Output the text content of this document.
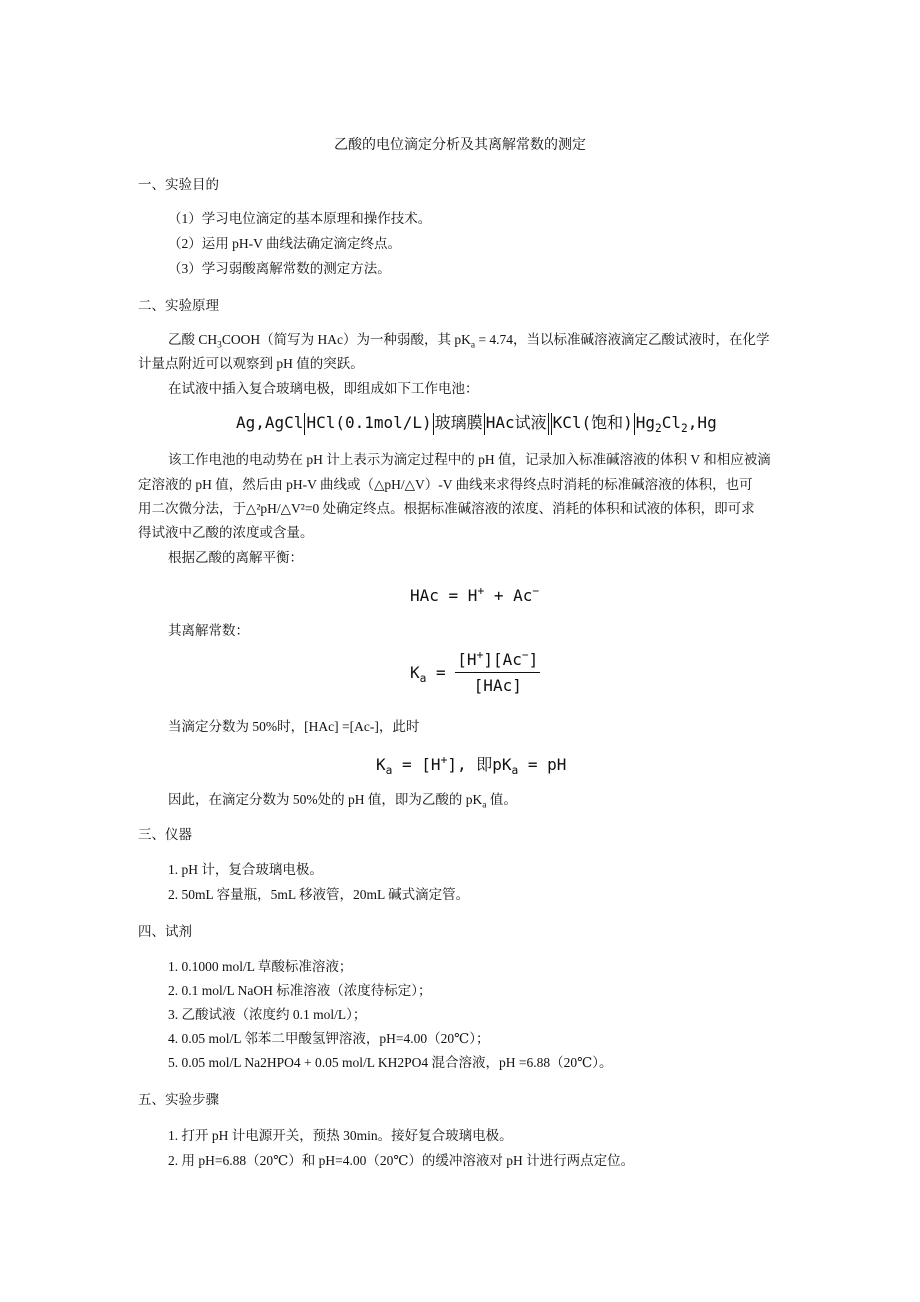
乙酸的电位滴定分析及其离解常数的测定
一、实验目的
（1）学习电位滴定的基本原理和操作技术。
（2）运用 pH-V 曲线法确定滴定终点。
（3）学习弱酸离解常数的测定方法。
二、实验原理
乙酸 $CH_3COOH$（简写为 HAc）为一种弱酸，其 $pK_a = 4.74$，当以标准碱溶液滴定乙酸试液时，在化学
计量点附近可以观察到 pH 值的突跃。
在试液中插入复合玻璃电极，即组成如下工作电池：
Ag,AgCl HCl(0.1mol/L) 玻璃膜 HAc试液 KCl(饱和) $Hg_2Cl_2,Hg$
该工作电池的电动势在 pH 计上表示为滴定过程中的 pH 值，记录加入标准碱溶液的体积 V 和相应被滴
定溶液的 pH 值，然后由 pH-V 曲线或（△pH/△V）-V 曲线来求得终点时消耗的标准碱溶液的体积，也可
用二次微分法，于△²pH/△V²=0 处确定终点。根据标准碱溶液的浓度、消耗的体积和试液的体积，即可求
得试液中乙酸的浓度或含量。
根据乙酸的离解平衡：
HAc = H+ + Ac−
其离解常数：
$K_a = \frac{[H^+][Ac^-]}{\text{[HAc]}}$
当滴定分数为 50%时，[HAc] =[Ac-]，此时
$K_a = [H^+]$, 即$pK_a$ = pH
因此，在滴定分数为 50%处的 pH 值，即为乙酸的 $pK_a$ 值。
三、仪器
1. pH 计，复合玻璃电极。
2. 50mL 容量瓶，5mL 移液管，20mL 碱式滴定管。
四、试剂
1. 0.1000 mol/L 草酸标准溶液；
2. 0.1 mol/L NaOH 标准溶液（浓度待标定）；
3. 乙酸试液（浓度约 0.1 mol/L）；
4. 0.05 mol/L 邻苯二甲酸氢钾溶液，pH=4.00（20℃）；
5. 0.05 mol/L Na2HPO4 + 0.05 mol/L KH2PO4 混合溶液，pH =6.88（20℃）。
五、实验步骤
1. 打开 pH 计电源开关，预热 30min。接好复合玻璃电极。
2. 用 pH=6.88（20℃）和 pH=4.00（20℃）的缓冲溶液对 pH 计进行两点定位。
